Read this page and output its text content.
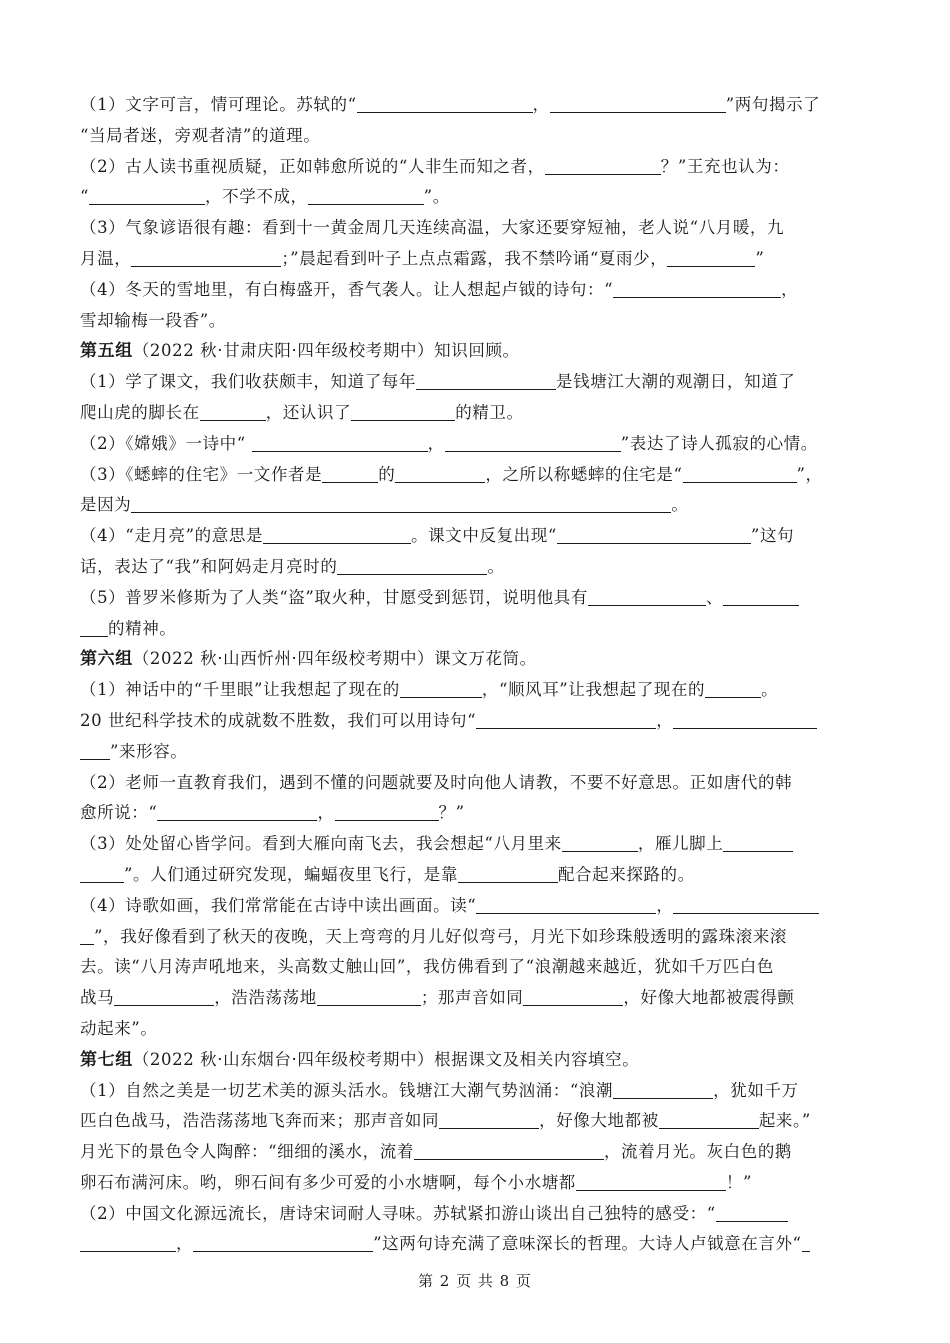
（1）文字可言，情可理论。苏轼的“	，	”两句揭示了
“当局者迷，旁观者清”的道理。
（2）古人读书重视质疑，正如韩愈所说的“人非生而知之者，	？”王充也认为：
“	，不学不成，	”。
（3）气象谚语很有趣：看到十一黄金周几天连续高温，大家还要穿短袖，老人说“八月暖，九
月温，	；”晨起看到叶子上点点霜露，我不禁吟诵“夏雨少，	”
（4）冬天的雪地里，有白梅盛开，香气袭人。让人想起卢钺的诗句：“	，
雪却输梅一段香”。
第五组（2022 秋·甘肃庆阳·四年级校考期中）知识回顾。
（1）学了课文，我们收获颇丰，知道了每年	是钱塘江大潮的观潮日，知道了
爬山虎的脚长在	，还认识了	的精卫。
（2）《嫦娥》一诗中“	，	”表达了诗人孤寂的心情。
（3）《蟋蟀的住宅》一文作者是	的	，之所以称蟋蟀的住宅是“	”，
是因为	。
（4）“走月亮”的意思是	。课文中反复出现“	”这句
话，表达了“我”和阿妈走月亮时的	。
（5）普罗米修斯为了人类“盗”取火种，甘愿受到惩罚，说明他具有	、
的精神。
第六组（2022 秋·山西忻州·四年级校考期中）课文万花筒。
（1）神话中的“千里眼”让我想起了现在的	，“顺风耳”让我想起了现在的	。
20 世纪科学技术的成就数不胜数，我们可以用诗句“	，
”来形容。
（2）老师一直教育我们，遇到不懂的问题就要及时向他人请教，不要不好意思。正如唐代的韩
愈所说：“	，	？”
（3）处处留心皆学问。看到大雁向南飞去，我会想起“八月里来	，雁儿脚上
”。人们通过研究发现，蝙蝠夜里飞行，是靠	配合起来探路的。
（4）诗歌如画，我们常常能在古诗中读出画面。读“	，
”，我好像看到了秋天的夜晚，天上弯弯的月儿好似弯弓，月光下如珍珠般透明的露珠滚来滚
去。读“八月涛声吼地来，头高数丈触山回”，我仿佛看到了“浪潮越来越近，犹如千万匹白色
战马	，浩浩荡荡地	；那声音如同	，好像大地都被震得颤
动起来”。
第七组（2022 秋·山东烟台·四年级校考期中）根据课文及相关内容填空。
（1）自然之美是一切艺术美的源头活水。钱塘江大潮气势汹涌：“浪潮	，犹如千万
匹白色战马，浩浩荡荡地飞奔而来；那声音如同	，好像大地都被	起来。”
月光下的景色令人陶醉：“细细的溪水，流着	，流着月光。灰白色的鹅
卵石布满河床。哟，卵石间有多少可爱的小水塘啊，每个小水塘都	！”
（2）中国文化源远流长，唐诗宋词耐人寻味。苏轼紧扣游山谈出自己独特的感受：“
，	”这两句诗充满了意味深长的哲理。大诗人卢钺意在言外“
第 2 页 共 8 页
